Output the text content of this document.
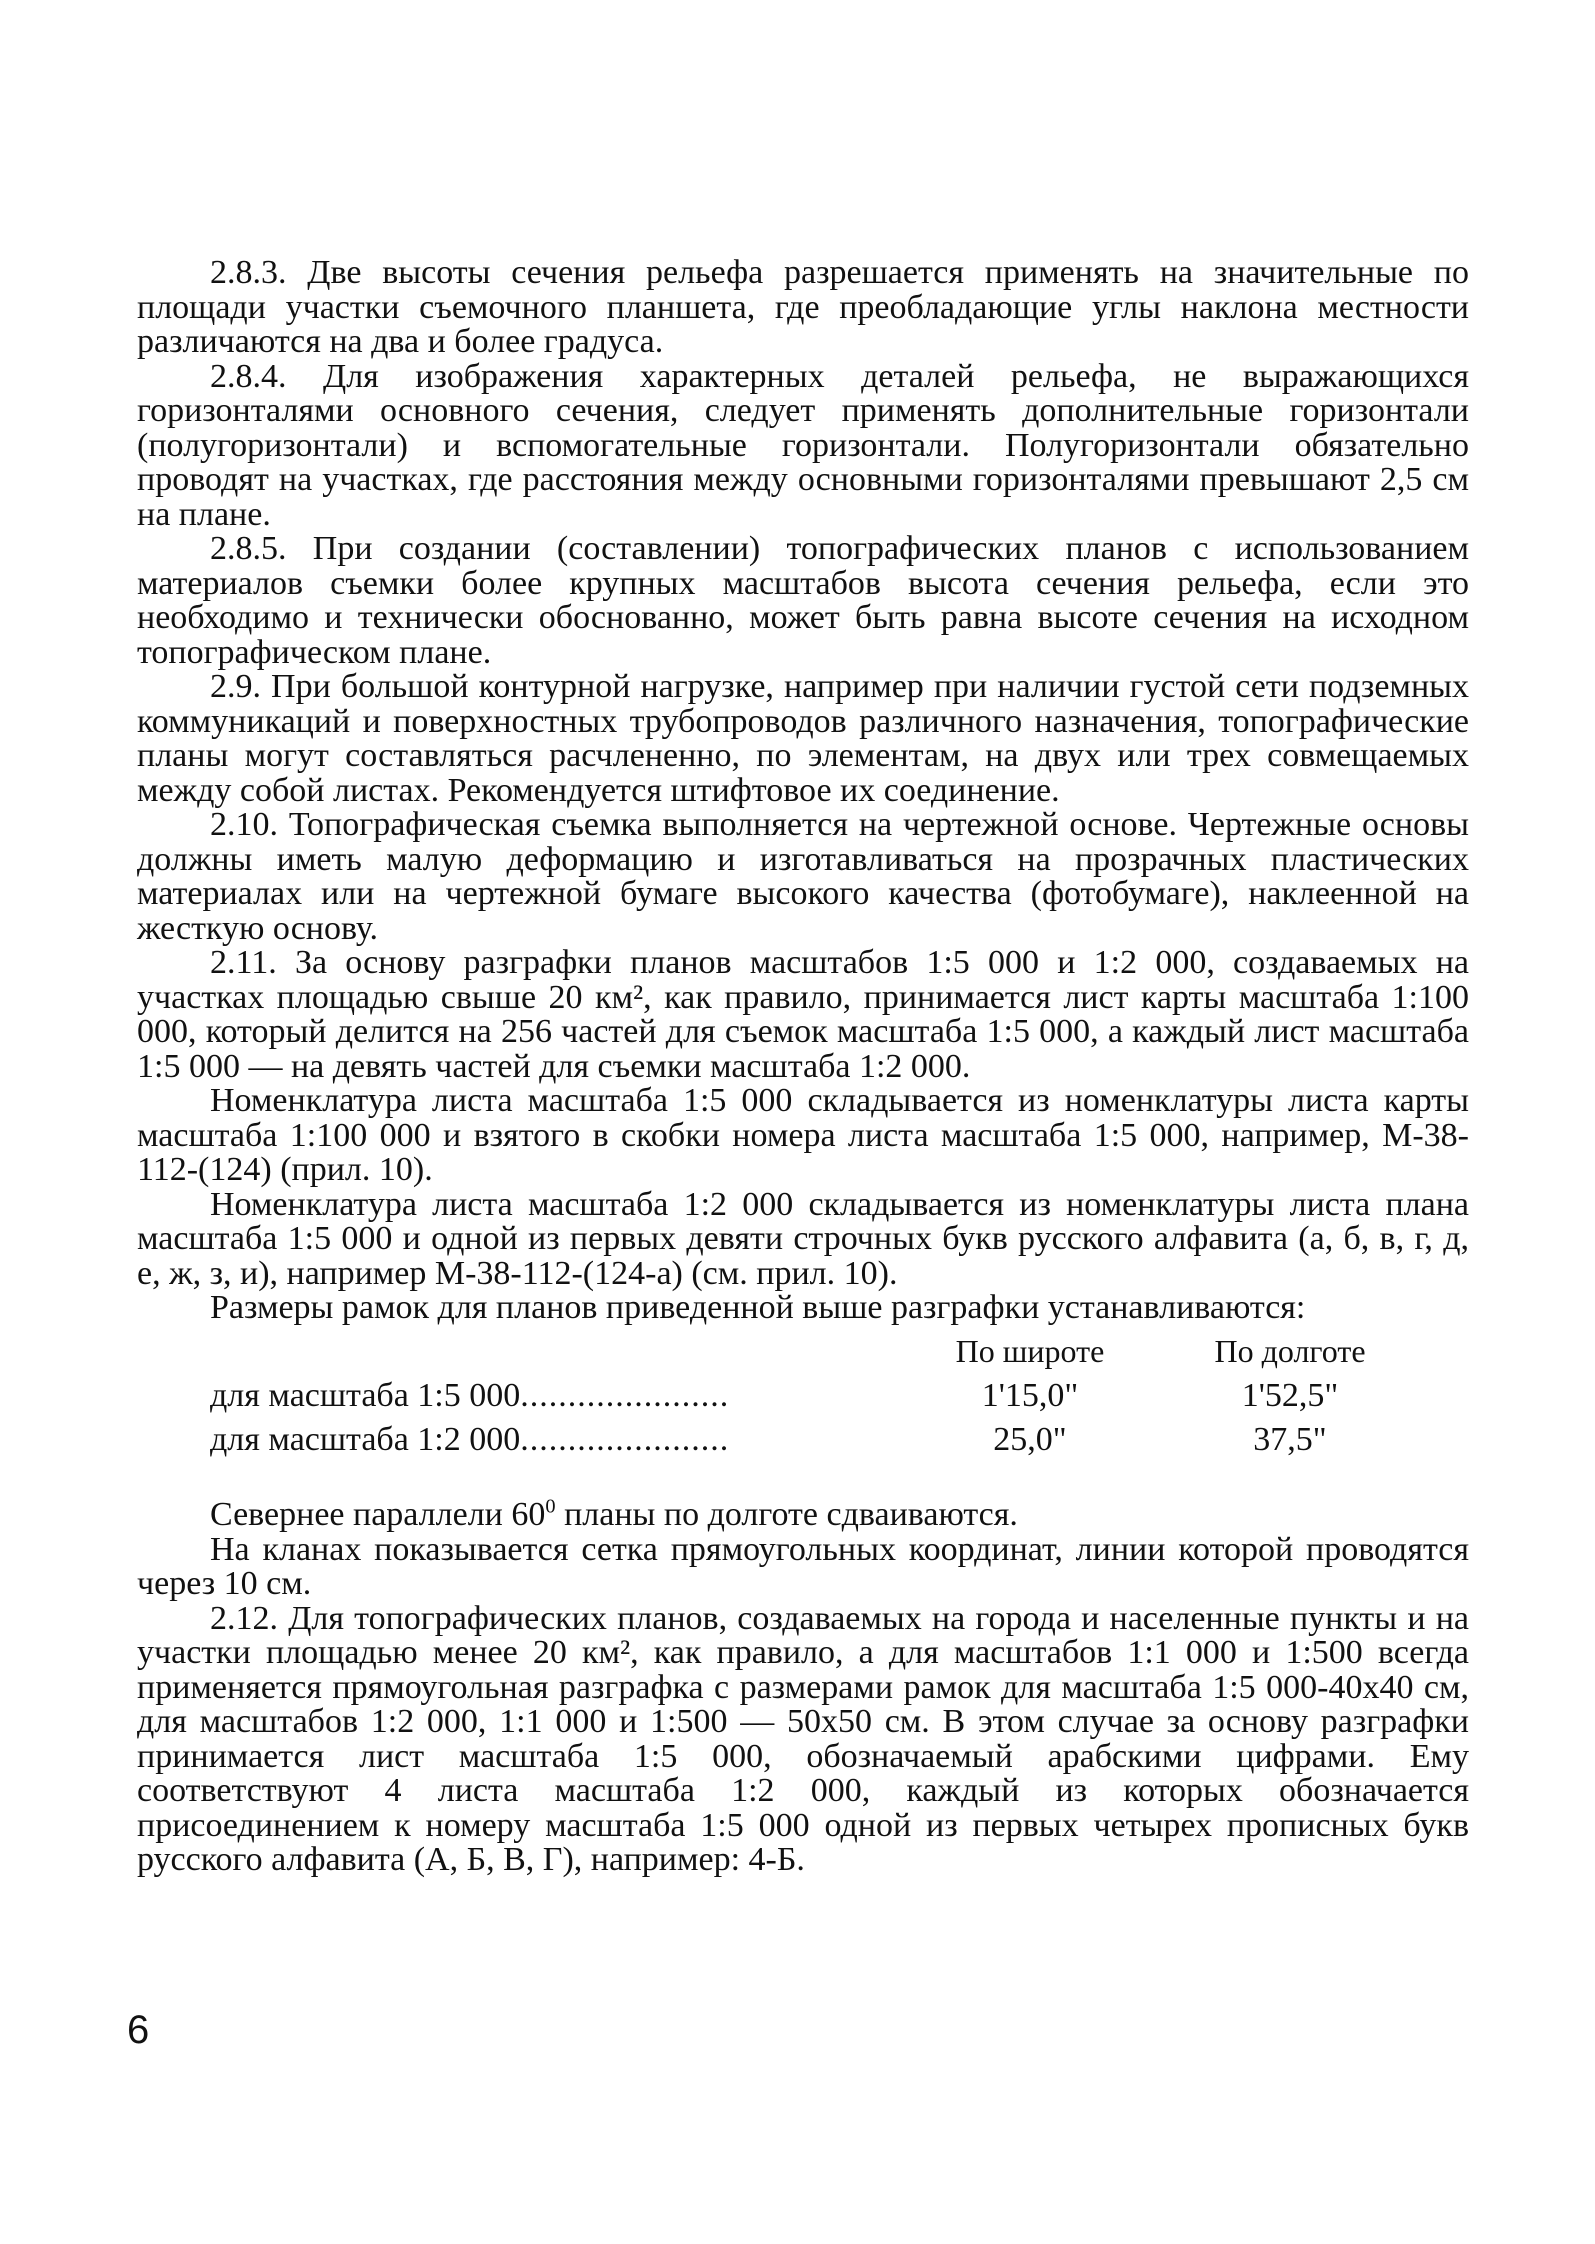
2.8.3. Две высоты сечения рельефа разрешается применять на значительные по площади участки съемочного планшета, где преобладающие углы наклона местности различаются на два и более градуса.

2.8.4. Для изображения характерных деталей рельефа, не выражающихся горизонталями основного сечения, следует применять дополнительные горизонтали (полугоризонтали) и вспомогательные горизонтали. Полугоризонтали обязательно проводят на участках, где расстояния между основными горизонталями превышают 2,5 см на плане.

2.8.5. При создании (составлении) топографических планов с использованием материалов съемки более крупных масштабов высота сечения рельефа, если это необходимо и технически обоснованно, может быть равна высоте сечения на исходном топографическом плане.

2.9. При большой контурной нагрузке, например при наличии густой сети подземных коммуникаций и поверхностных трубопроводов различного назначения, топографические планы могут составляться расчлененно, по элементам, на двух или трех совмещаемых между собой листах. Рекомендуется штифтовое их соединение.

2.10. Топографическая съемка выполняется на чертежной основе. Чертежные основы должны иметь малую деформацию и изготавливаться на прозрачных пластических материалах или на чертежной бумаге высокого качества (фотобумаге), наклеенной на жесткую основу.

2.11. За основу разграфки планов масштабов 1:5 000 и 1:2 000, создаваемых на участках площадью свыше 20 км², как правило, принимается лист карты масштаба 1:100 000, который делится на 256 частей для съемок масштаба 1:5 000, а каждый лист масштаба 1:5 000 — на девять частей для съемки масштаба 1:2 000.

Номенклатура листа масштаба 1:5 000 складывается из номенклатуры листа карты масштаба 1:100 000 и взятого в скобки номера листа масштаба 1:5 000, например, М-38-112-(124) (прил. 10).

Номенклатура листа масштаба 1:2 000 складывается из номенклатуры листа плана масштаба 1:5 000 и одной из первых девяти строчных букв русского алфавита (а, б, в, г, д, е, ж, з, и), например М-38-112-(124-а) (см. прил. 10).

Размеры рамок для планов приведенной выше разграфки устанавливаются:

	По широте	По долготе
для масштаба 1:5 000......................	1'15,0"	1'52,5"
для масштаба 1:2 000......................	25,0"	37,5"

Севернее параллели $60^0$ планы по долготе сдваиваются.

На кланах показывается сетка прямоугольных координат, линии которой проводятся через 10 см.

2.12. Для топографических планов, создаваемых на города и населенные пункты и на участки площадью менее 20 км², как правило, а для масштабов 1:1 000 и 1:500 всегда применяется прямоугольная разграфка с размерами рамок для масштаба 1:5 000-40х40 см, для масштабов 1:2 000, 1:1 000 и 1:500 — 50х50 см. В этом случае за основу разграфки принимается лист масштаба 1:5 000, обозначаемый арабскими цифрами. Ему соответствуют 4 листа масштаба 1:2 000, каждый из которых обозначается присоединением к номеру масштаба 1:5 000 одной из первых четырех прописных букв русского алфавита (А, Б, В, Г), например: 4-Б.

6
